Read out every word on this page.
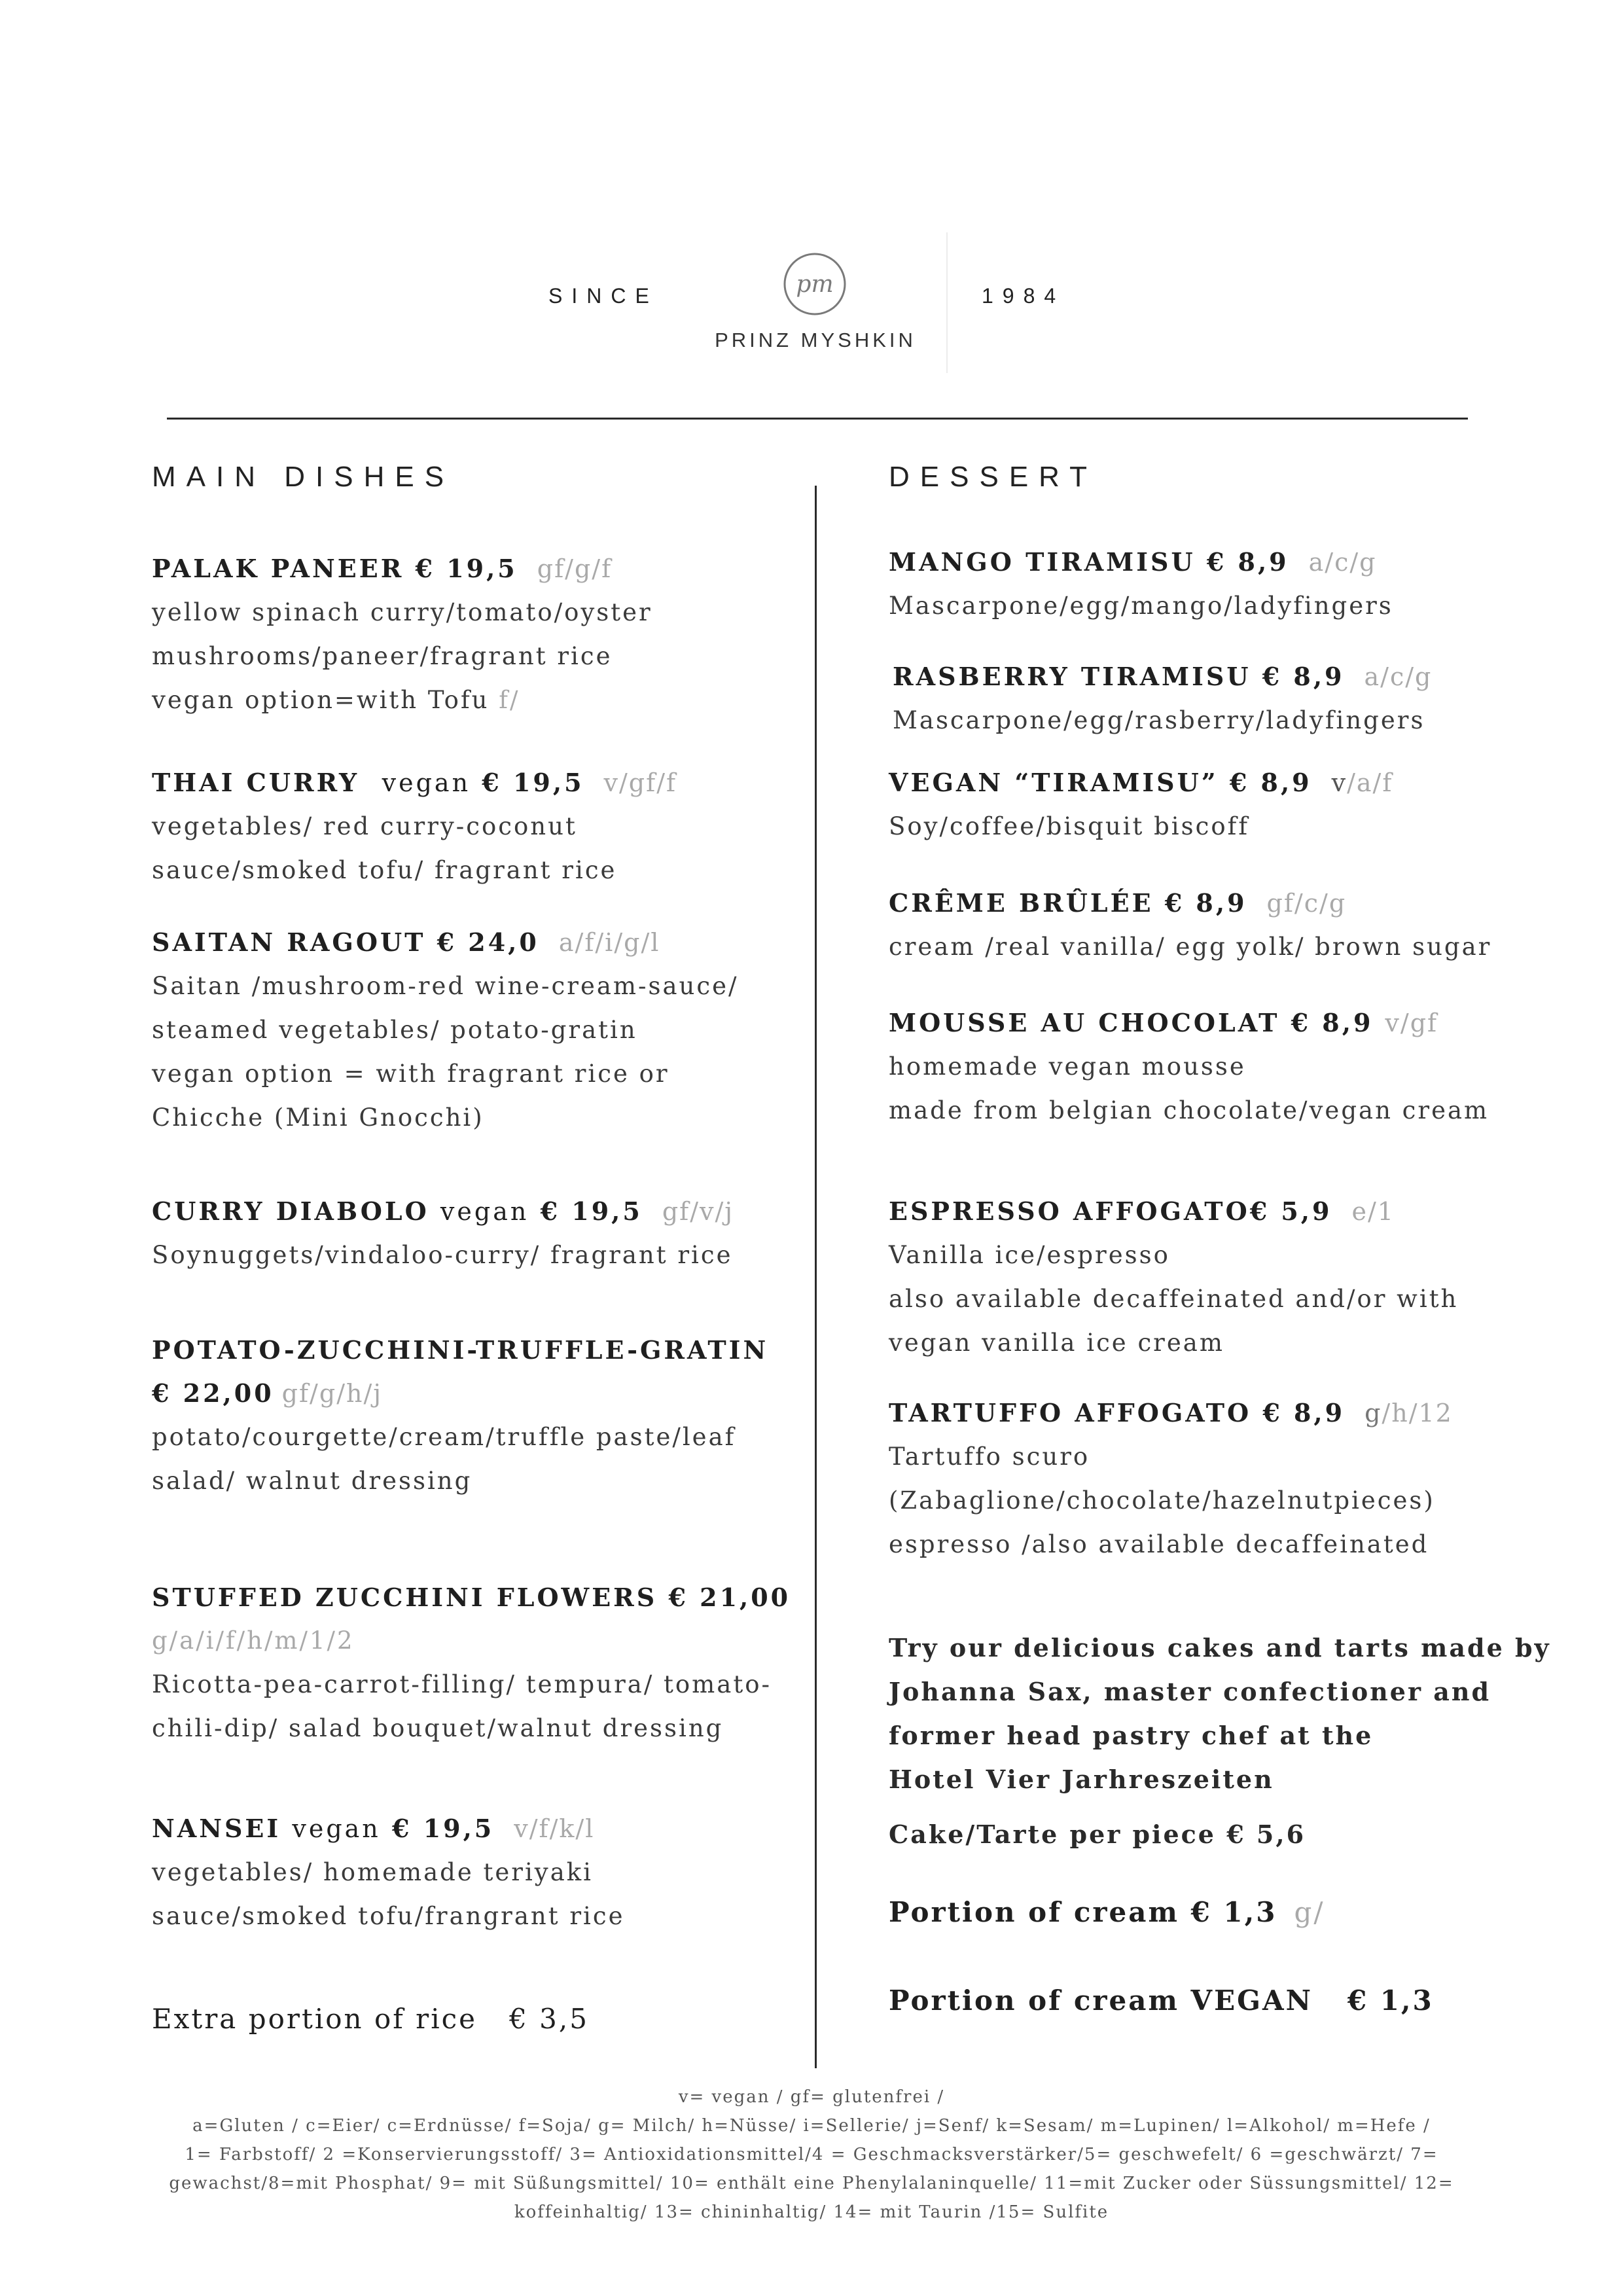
SINCE	1984
pm
PRINZ MYSHKIN
MAIN DISHES
PALAK PANEER € 19,5 gf/g/f
yellow spinach curry/tomato/oyster
mushrooms/paneer/fragrant rice
vegan option=with Tofu f/
THAI CURRY vegan € 19,5 v/gf/f
vegetables/ red curry-coconut
sauce/smoked tofu/ fragrant rice
SAITAN RAGOUT € 24,0 a/f/i/g/l
Saitan /mushroom-red wine-cream-sauce/
steamed vegetables/ potato-gratin
vegan option = with fragrant rice or
Chicche (Mini Gnocchi)
CURRY DIABOLO vegan € 19,5 gf/v/j
Soynuggets/vindaloo-curry/ fragrant rice
POTATO-ZUCCHINI-TRUFFLE-GRATIN
€ 22,00 gf/g/h/j
potato/courgette/cream/truffle paste/leaf
salad/ walnut dressing
STUFFED ZUCCHINI FLOWERS € 21,00
g/a/i/f/h/m/1/2
Ricotta-pea-carrot-filling/ tempura/ tomato-
chili-dip/ salad bouquet/walnut dressing
NANSEI vegan € 19,5 v/f/k/l
vegetables/ homemade teriyaki
sauce/smoked tofu/frangrant rice
Extra portion of rice € 3,5
DESSERT
MANGO TIRAMISU € 8,9 a/c/g
Mascarpone/egg/mango/ladyfingers
RASBERRY TIRAMISU € 8,9 a/c/g
Mascarpone/egg/rasberry/ladyfingers
VEGAN “TIRAMISU” € 8,9 v/a/f
Soy/coffee/bisquit biscoff
CRÊME BRÛLÉE € 8,9 gf/c/g
cream /real vanilla/ egg yolk/ brown sugar
MOUSSE AU CHOCOLAT € 8,9 v/gf
homemade vegan mousse
made from belgian chocolate/vegan cream
ESPRESSO AFFOGATO€ 5,9 e/1
Vanilla ice/espresso
also available decaffeinated and/or with
vegan vanilla ice cream
TARTUFFO AFFOGATO € 8,9 g/h/12
Tartuffo scuro
(Zabaglione/chocolate/hazelnutpieces)
espresso /also available decaffeinated
Try our delicious cakes and tarts made by
Johanna Sax, master confectioner and
former head pastry chef at the
Hotel Vier Jarhreszeiten
Cake/Tarte per piece € 5,6
Portion of cream € 1,3 g/
Portion of cream VEGAN € 1,3
v= vegan / gf= glutenfrei /
a=Gluten / c=Eier/ c=Erdnüsse/ f=Soja/ g= Milch/ h=Nüsse/ i=Sellerie/ j=Senf/ k=Sesam/ m=Lupinen/ l=Alkohol/ m=Hefe /
1= Farbstoff/ 2 =Konservierungsstoff/ 3= Antioxidationsmittel/4 = Geschmacksverstärker/5= geschwefelt/ 6 =geschwärzt/ 7=
gewachst/8=mit Phosphat/ 9= mit Süßungsmittel/ 10= enthält eine Phenylalaninquelle/ 11=mit Zucker oder Süssungsmittel/ 12=
koffeinhaltig/ 13= chininhaltig/ 14= mit Taurin /15= Sulfite
